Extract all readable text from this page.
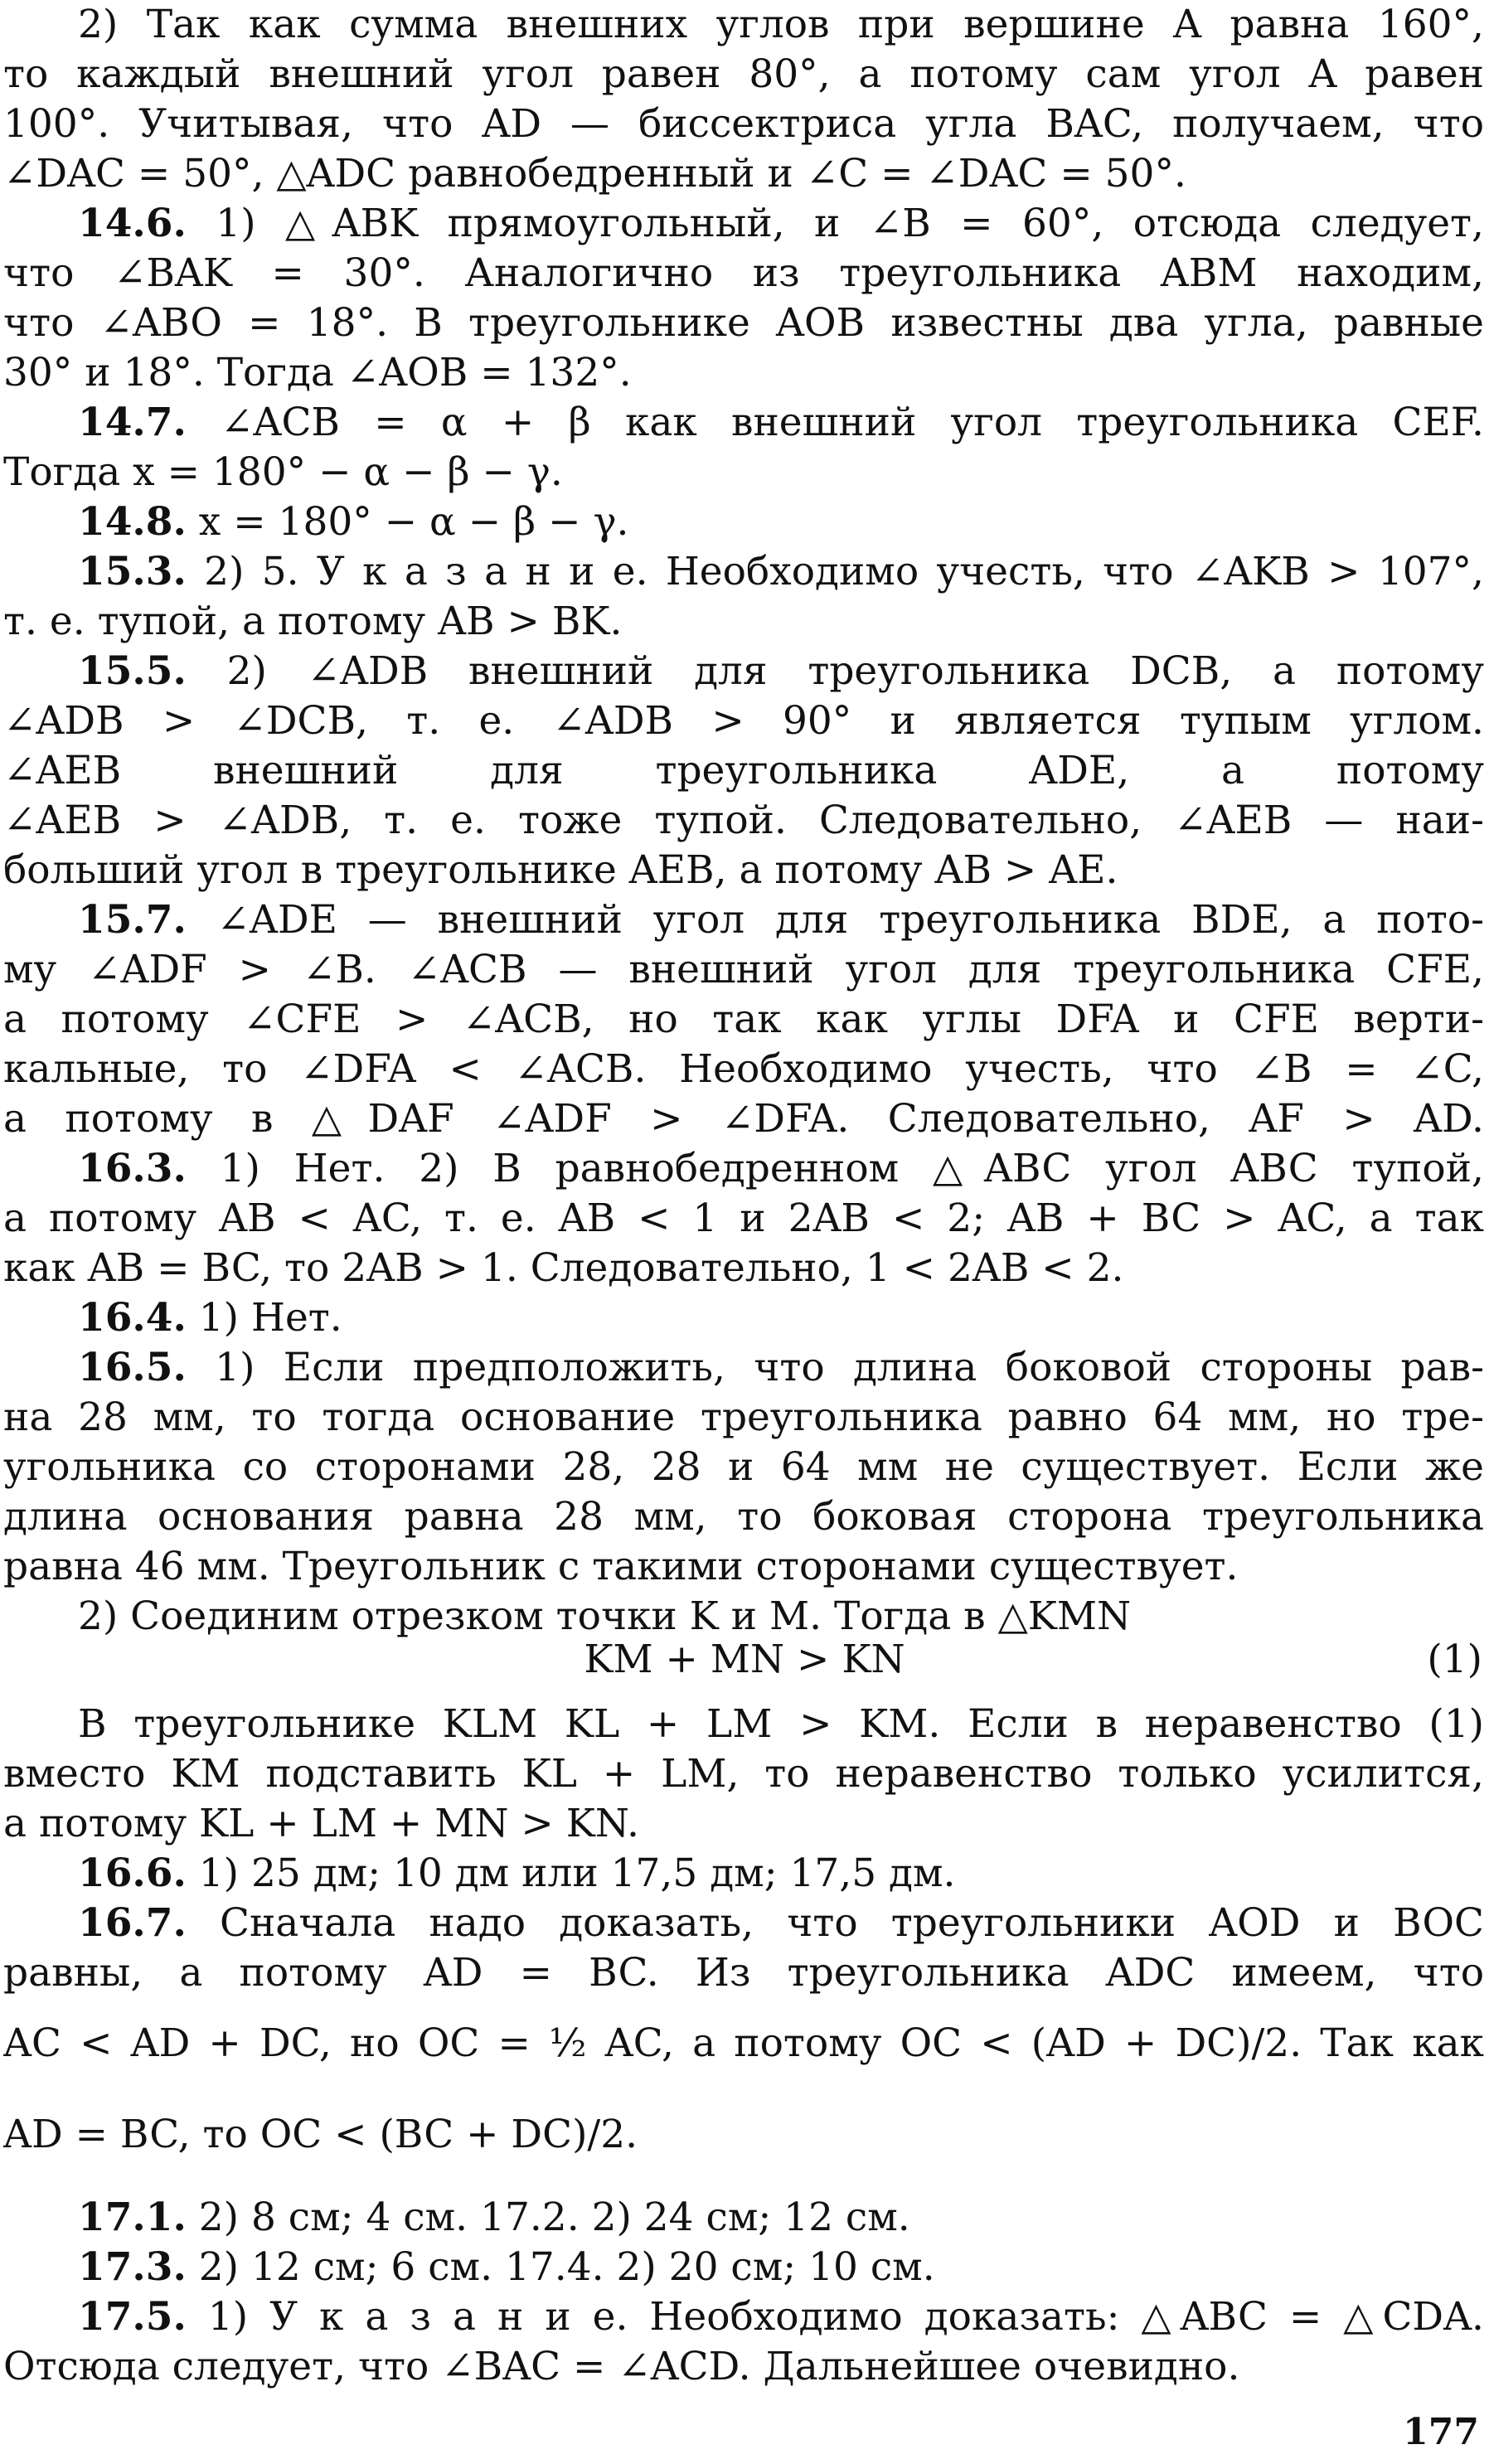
2) Так как сумма внешних углов при вершине A равна 160°,
то каждый внешний угол равен 80°, а потому сам угол A равен
100°. Учитывая, что AD — биссектриса угла BAC, получаем, что
∠DAC = 50°, △ADC равнобедренный и ∠C = ∠DAC = 50°.
14.6. 1) △ABK прямоугольный, и ∠B = 60°, отсюда следует,
что ∠BAK = 30°. Аналогично из треугольника ABM находим,
что ∠ABO = 18°. В треугольнике AOB известны два угла, равные
30° и 18°. Тогда ∠AOB = 132°.
14.7. ∠ACB = α + β как внешний угол треугольника CEF.
Тогда x = 180° − α − β − γ.
14.8. x = 180° − α − β − γ.
15.3. 2) 5. У к а з а н и е. Необходимо учесть, что ∠AKB > 107°,
т. е. тупой, а потому AB > BK.
15.5. 2) ∠ADB внешний для треугольника DCB, а потому
∠ADB > ∠DCB, т. е. ∠ADB > 90° и является тупым углом.
∠AEB внешний для треугольника ADE, а потому
∠AEB > ∠ADB, т. е. тоже тупой. Следовательно, ∠AEB — наи-
больший угол в треугольнике AEB, а потому AB > AE.
15.7. ∠ADE — внешний угол для треугольника BDE, а пото-
му ∠ADF > ∠B. ∠ACB — внешний угол для треугольника CFE,
а потому ∠CFE > ∠ACB, но так как углы DFA и CFE верти-
кальные, то ∠DFA < ∠ACB. Необходимо учесть, что ∠B = ∠C,
а потому в △DAF ∠ADF > ∠DFA. Следовательно, AF > AD.
16.3. 1) Нет. 2) В равнобедренном △ABC угол ABC тупой,
а потому AB < AC, т. е. AB < 1 и 2AB < 2; AB + BC > AC, а так
как AB = BC, то 2AB > 1. Следовательно, 1 < 2AB < 2.
16.4. 1) Нет.
16.5. 1) Если предположить, что длина боковой стороны рав-
на 28 мм, то тогда основание треугольника равно 64 мм, но тре-
угольника со сторонами 28, 28 и 64 мм не существует. Если же
длина основания равна 28 мм, то боковая сторона треугольника
равна 46 мм. Треугольник с такими сторонами существует.
2) Соединим отрезком точки K и M. Тогда в △KMN
KM + MN > KN	(1)
В треугольнике KLM KL + LM > KM. Если в неравенство (1)
вместо KM подставить KL + LM, то неравенство только усилится,
а потому KL + LM + MN > KN.
16.6. 1) 25 дм; 10 дм или 17,5 дм; 17,5 дм.
16.7. Сначала надо доказать, что треугольники AOD и BOC
равны, а потому AD = BC. Из треугольника ADC имеем, что
AC < AD + DC, но OC = ½ AC, а потому OC < (AD + DC)/2. Так как
AD = BC, то OC < (BC + DC)/2.
17.1. 2) 8 см; 4 см. 17.2. 2) 24 см; 12 см.
17.3. 2) 12 см; 6 см. 17.4. 2) 20 см; 10 см.
17.5. 1) У к а з а н и е. Необходимо доказать: △ABC = △CDA.
Отсюда следует, что ∠BAC = ∠ACD. Дальнейшее очевидно.
177
